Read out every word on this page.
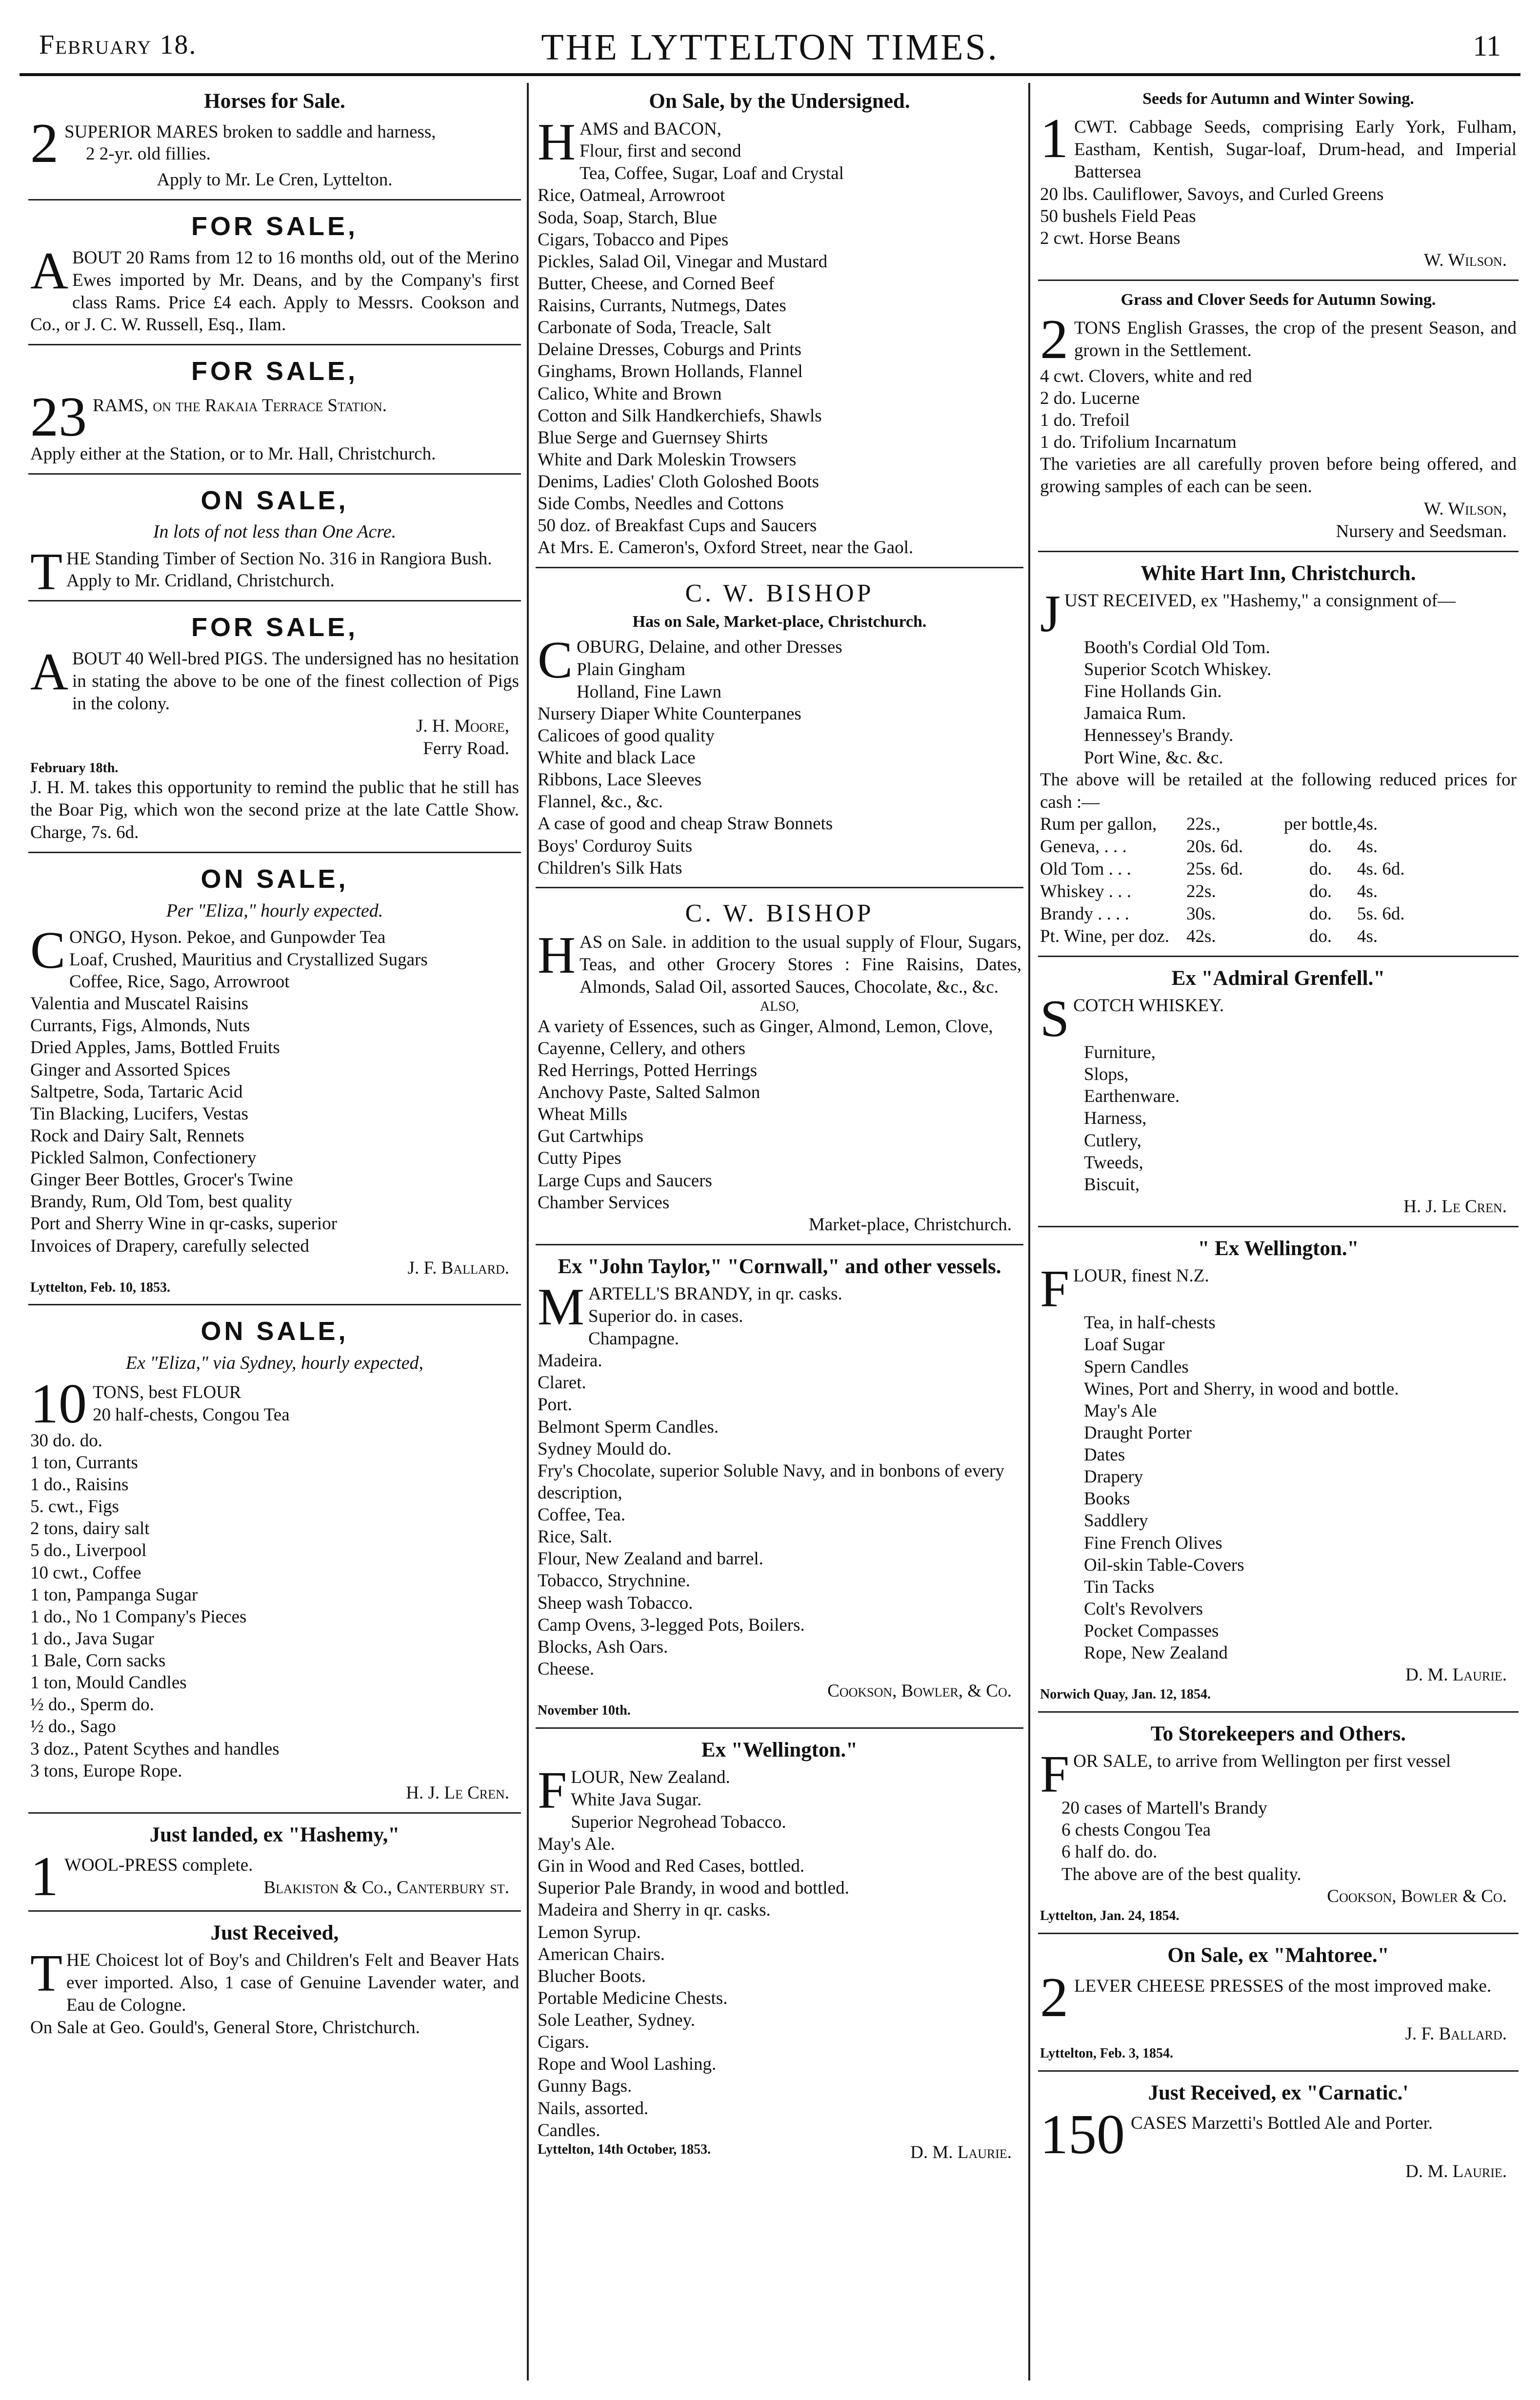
February 18.	THE LYTTELTON TIMES.	11
Horses for Sale.
2 SUPERIOR MARES broken to saddle and harness,
2 2-yr. old fillies.
Apply to Mr. Le Cren, Lyttelton.
FOR SALE,
ABOUT 20 Rams from 12 to 16 months old, out of the Merino Ewes imported by Mr. Deans, and by the Company's first class Rams. Price £4 each. Apply to Messrs. Cookson and Co., or J. C. W. Russell, Esq., Ilam.
FOR SALE,
23 RAMS, on the Rakaia Terrace Station.
Apply either at the Station, or to Mr. Hall, Christchurch.
ON SALE,
In lots of not less than One Acre.
THE Standing Timber of Section No. 316 in Rangiora Bush.
Apply to Mr. Cridland, Christchurch.
FOR SALE,
ABOUT 40 Well-bred PIGS. The undersigned has no hesitation in stating the above to be one of the finest collection of Pigs in the colony.
J. H. Moore,
Ferry Road.
February 18th.
J. H. M. takes this opportunity to remind the public that he still has the Boar Pig, which won the second prize at the late Cattle Show. Charge, 7s. 6d.
ON SALE,
Per "Eliza," hourly expected.
CONGO, Hyson. Pekoe, and Gunpowder Tea
Loaf, Crushed, Mauritius and Crystallized Sugars
Coffee, Rice, Sago, Arrowroot
Valentia and Muscatel Raisins
Currants, Figs, Almonds, Nuts
Dried Apples, Jams, Bottled Fruits
Ginger and Assorted Spices
Saltpetre, Soda, Tartaric Acid
Tin Blacking, Lucifers, Vestas
Rock and Dairy Salt, Rennets
Pickled Salmon, Confectionery
Ginger Beer Bottles, Grocer's Twine
Brandy, Rum, Old Tom, best quality
Port and Sherry Wine in qr-casks, superior
Invoices of Drapery, carefully selected
J. F. Ballard.
Lyttelton, Feb. 10, 1853.
ON SALE,
Ex "Eliza," via Sydney, hourly expected,
10 TONS, best FLOUR
20 half-chests, Congou Tea
30 do. do.
1 ton, Currants
1 do., Raisins
5. cwt., Figs
2 tons, dairy salt
5 do., Liverpool
10 cwt., Coffee
1 ton, Pampanga Sugar
1 do., No 1 Company's Pieces
1 do., Java Sugar
1 Bale, Corn sacks
1 ton, Mould Candles
½ do., Sperm do.
½ do., Sago
3 doz., Patent Scythes and handles
3 tons, Europe Rope.
H. J. Le Cren.
Just landed, ex "Hashemy,"
1 WOOL-PRESS complete.
Blakiston & Co., Canterbury st.
Just Received,
THE Choicest lot of Boy's and Children's Felt and Beaver Hats ever imported. Also, 1 case of Genuine Lavender water, and Eau de Cologne.
On Sale at Geo. Gould's, General Store, Christchurch.
On Sale, by the Undersigned.
HAMS and BACON,
Flour, first and second
Tea, Coffee, Sugar, Loaf and Crystal
Rice, Oatmeal, Arrowroot
Soda, Soap, Starch, Blue
Cigars, Tobacco and Pipes
Pickles, Salad Oil, Vinegar and Mustard
Butter, Cheese, and Corned Beef
Raisins, Currants, Nutmegs, Dates
Carbonate of Soda, Treacle, Salt
Delaine Dresses, Coburgs and Prints
Ginghams, Brown Hollands, Flannel
Calico, White and Brown
Cotton and Silk Handkerchiefs, Shawls
Blue Serge and Guernsey Shirts
White and Dark Moleskin Trowsers
Denims, Ladies' Cloth Goloshed Boots
Side Combs, Needles and Cottons
50 doz. of Breakfast Cups and Saucers
At Mrs. E. Cameron's, Oxford Street, near the Gaol.
C. W. BISHOP
Has on Sale, Market-place, Christchurch.
COBURG, Delaine, and other Dresses
Plain Gingham
Holland, Fine Lawn
Nursery Diaper White Counterpanes
Calicoes of good quality
White and black Lace
Ribbons, Lace Sleeves
Flannel, &c., &c.
A case of good and cheap Straw Bonnets
Boys' Corduroy Suits
Children's Silk Hats
C. W. BISHOP
HAS on Sale. in addition to the usual supply of Flour, Sugars, Teas, and other Grocery Stores : Fine Raisins, Dates, Almonds, Salad Oil, assorted Sauces, Chocolate, &c., &c.
ALSO,
A variety of Essences, such as Ginger, Almond, Lemon, Clove, Cayenne, Cellery, and others
Red Herrings, Potted Herrings
Anchovy Paste, Salted Salmon
Wheat Mills
Gut Cartwhips
Cutty Pipes
Large Cups and Saucers
Chamber Services
Market-place, Christchurch.
Ex "John Taylor," "Cornwall," and other vessels.
MARTELL'S BRANDY, in qr. casks.
Superior do. in cases.
Champagne.
Madeira.
Claret.
Port.
Belmont Sperm Candles.
Sydney Mould do.
Fry's Chocolate, superior Soluble Navy, and in bonbons of every description,
Coffee, Tea.
Rice, Salt.
Flour, New Zealand and barrel.
Tobacco, Strychnine.
Sheep wash Tobacco.
Camp Ovens, 3-legged Pots, Boilers.
Blocks, Ash Oars.
Cheese.
Cookson, Bowler, & Co.
November 10th.
Ex "Wellington."
FLOUR, New Zealand.
White Java Sugar.
Superior Negrohead Tobacco.
May's Ale.
Gin in Wood and Red Cases, bottled.
Superior Pale Brandy, in wood and bottled.
Madeira and Sherry in qr. casks.
Lemon Syrup.
American Chairs.
Blucher Boots.
Portable Medicine Chests.
Sole Leather, Sydney.
Cigars.
Rope and Wool Lashing.
Gunny Bags.
Nails, assorted.
Candles.
Lyttelton, 14th October, 1853.	D. M. Laurie.
Seeds for Autumn and Winter Sowing.
1 CWT. Cabbage Seeds, comprising Early York, Fulham, Eastham, Kentish, Sugar-loaf, Drum-head, and Imperial Battersea
20 lbs. Cauliflower, Savoys, and Curled Greens
50 bushels Field Peas
2 cwt. Horse Beans
W. Wilson.
Grass and Clover Seeds for Autumn Sowing.
2 TONS English Grasses, the crop of the present Season, and grown in the Settlement.
4 cwt. Clovers, white and red
2 do. Lucerne
1 do. Trefoil
1 do. Trifolium Incarnatum
The varieties are all carefully proven before being offered, and growing samples of each can be seen.
W. Wilson,
Nursery and Seedsman.
White Hart Inn, Christchurch.
JUST RECEIVED, ex "Hashemy," a consignment of—
Booth's Cordial Old Tom.
Superior Scotch Whiskey.
Fine Hollands Gin.
Jamaica Rum.
Hennessey's Brandy.
Port Wine, &c. &c.
The above will be retailed at the following reduced prices for cash :—
Rum per gallon,	22s.,	per bottle, 4s.
Geneva, . . .	20s. 6d.	do.	4s.
Old Tom . . .	25s. 6d.	do.	4s. 6d.
Whiskey . . .	22s.	do.	4s.
Brandy . . . .	30s.	do.	5s. 6d.
Pt. Wine, per doz. 42s.	do.	4s.
Ex "Admiral Grenfell."
SCOTCH WHISKEY.
Furniture,
Slops,
Earthenware.
Harness,
Cutlery,
Tweeds,
Biscuit,
H. J. Le Cren.
" Ex Wellington."
FLOUR, finest N.Z.
Tea, in half-chests
Loaf Sugar
Spern Candles
Wines, Port and Sherry, in wood and bottle.
May's Ale
Draught Porter
Dates
Drapery
Books
Saddlery
Fine French Olives
Oil-skin Table-Covers
Tin Tacks
Colt's Revolvers
Pocket Compasses
Rope, New Zealand
D. M. Laurie.
Norwich Quay, Jan. 12, 1854.
To Storekeepers and Others.
FOR SALE, to arrive from Wellington per first vessel
20 cases of Martell's Brandy
6 chests Congou Tea
6 half do. do.
The above are of the best quality.
Cookson, Bowler & Co.
Lyttelton, Jan. 24, 1854.
On Sale, ex "Mahtoree."
2 LEVER CHEESE PRESSES of the most improved make.
J. F. Ballard.
Lyttelton, Feb. 3, 1854.
Just Received, ex "Carnatic.'
150 CASES Marzetti's Bottled Ale and Porter.
D. M. Laurie.
